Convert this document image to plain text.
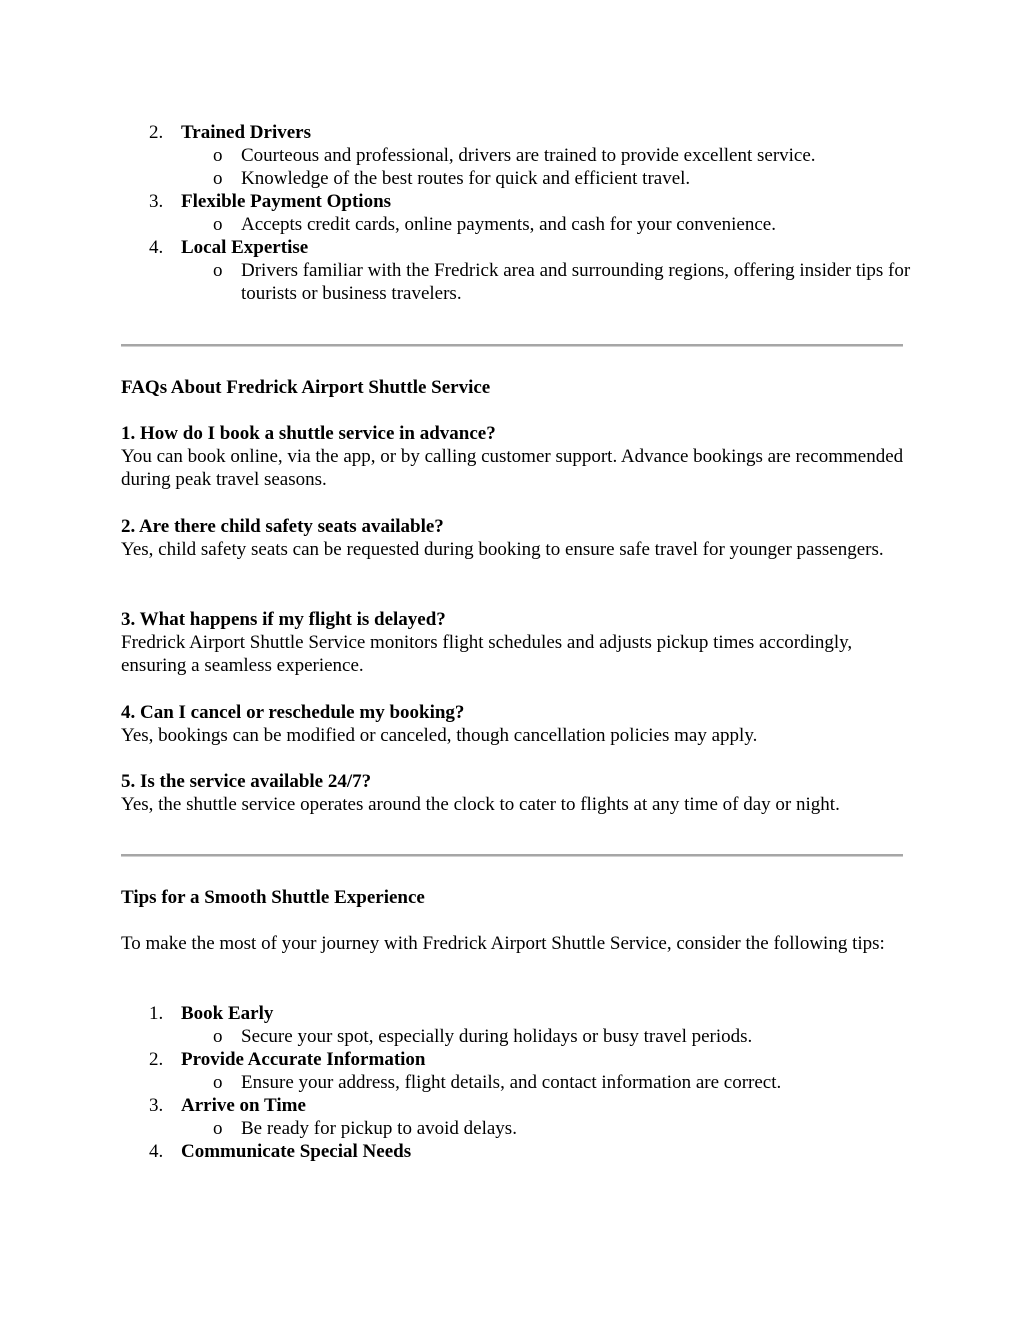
2. Trained Drivers
o Courteous and professional, drivers are trained to provide excellent service.
o Knowledge of the best routes for quick and efficient travel.
3. Flexible Payment Options
o Accepts credit cards, online payments, and cash for your convenience.
4. Local Expertise
o Drivers familiar with the Fredrick area and surrounding regions, offering insider tips for tourists or business travelers.
FAQs About Fredrick Airport Shuttle Service

1. How do I book a shuttle service in advance?

You can book online, via the app, or by calling customer support. Advance bookings are recommended during peak travel seasons.

2. Are there child safety seats available?

Yes, child safety seats can be requested during booking to ensure safe travel for younger passengers.

3. What happens if my flight is delayed?

Fredrick Airport Shuttle Service monitors flight schedules and adjusts pickup times accordingly, ensuring a seamless experience.

4. Can I cancel or reschedule my booking?

Yes, bookings can be modified or canceled, though cancellation policies may apply.

5. Is the service available 24/7?

Yes, the shuttle service operates around the clock to cater to flights at any time of day or night.

Tips for a Smooth Shuttle Experience

To make the most of your journey with Fredrick Airport Shuttle Service, consider the following tips:

1. Book Early
o Secure your spot, especially during holidays or busy travel periods.
2. Provide Accurate Information
o Ensure your address, flight details, and contact information are correct.
3. Arrive on Time
o Be ready for pickup to avoid delays.
4. Communicate Special Needs
